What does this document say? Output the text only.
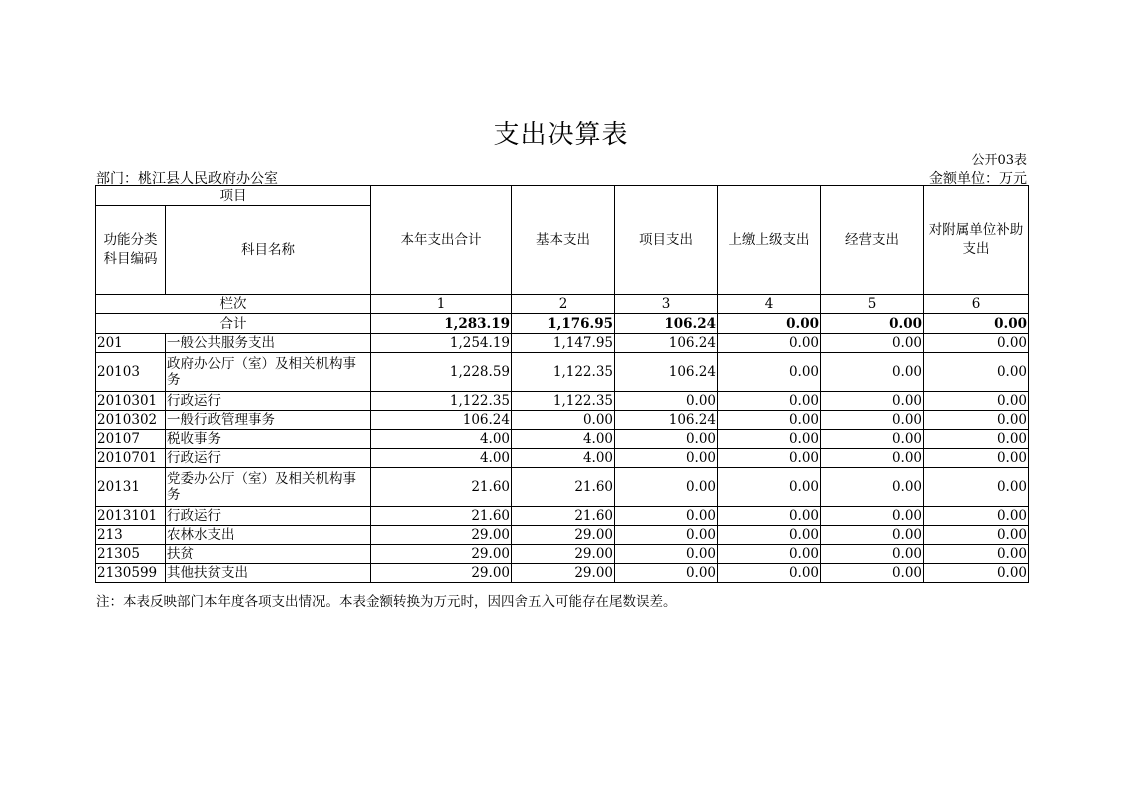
支出决算表
公开03表
部门：桃江县人民政府办公室	金额单位：万元
项目		本年支出合计	基本支出	项目支出	上缴上级支出	经营支出	对附属单位补助支出
功能分类科目编码	科目名称						
栏次		1	2	3	4	5	6
合计		1,283.19	1,176.95	106.24	0.00	0.00	0.00
201	一般公共服务支出	1,254.19	1,147.95	106.24	0.00	0.00	0.00
20103	政府办公厅（室）及相关机构事务	1,228.59	1,122.35	106.24	0.00	0.00	0.00
2010301	行政运行	1,122.35	1,122.35	0.00	0.00	0.00	0.00
2010302	一般行政管理事务	106.24	0.00	106.24	0.00	0.00	0.00
20107	税收事务	4.00	4.00	0.00	0.00	0.00	0.00
2010701	行政运行	4.00	4.00	0.00	0.00	0.00	0.00
20131	党委办公厅（室）及相关机构事务	21.60	21.60	0.00	0.00	0.00	0.00
2013101	行政运行	21.60	21.60	0.00	0.00	0.00	0.00
213	农林水支出	29.00	29.00	0.00	0.00	0.00	0.00
21305	扶贫	29.00	29.00	0.00	0.00	0.00	0.00
2130599	其他扶贫支出	29.00	29.00	0.00	0.00	0.00	0.00
注：本表反映部门本年度各项支出情况。本表金额转换为万元时，因四舍五入可能存在尾数误差。
